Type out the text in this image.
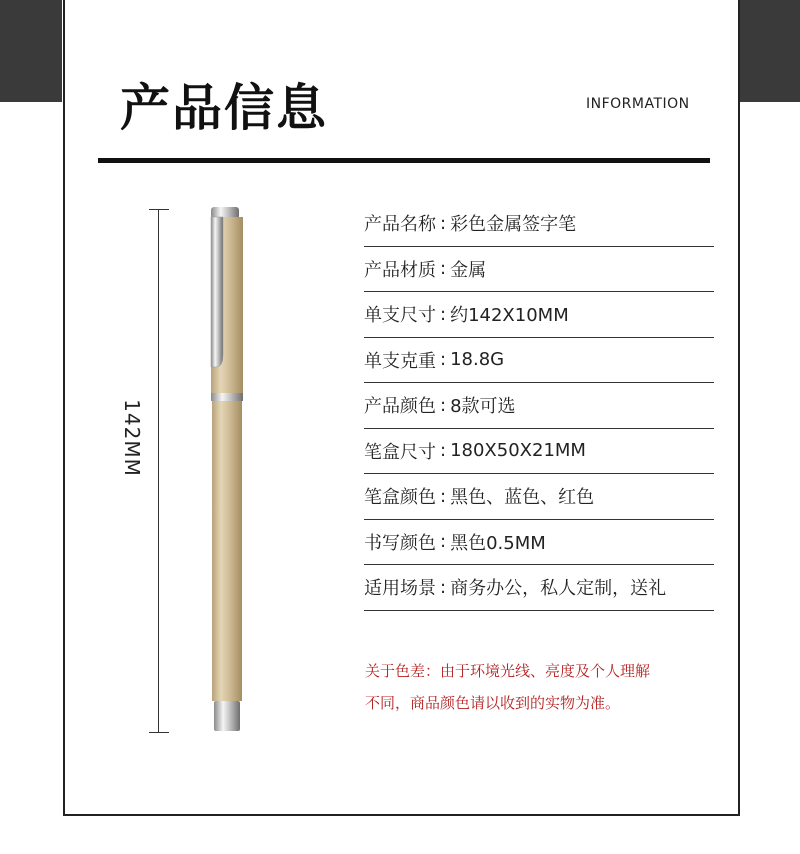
产品信息	INFORMATION
142MM
产品名称 : 彩色金属签字笔
产品材质 : 金属
单支尺寸 : 约142X10MM
单支克重 : 18.8G
产品颜色 : 8款可选
笔盒尺寸 : 180X50X21MM
笔盒颜色 : 黑色、蓝色、红色
书写颜色 : 黑色0.5MM
适用场景 : 商务办公，私人定制，送礼
关于色差：由于环境光线、亮度及个人理解
不同，商品颜色请以收到的实物为准。
